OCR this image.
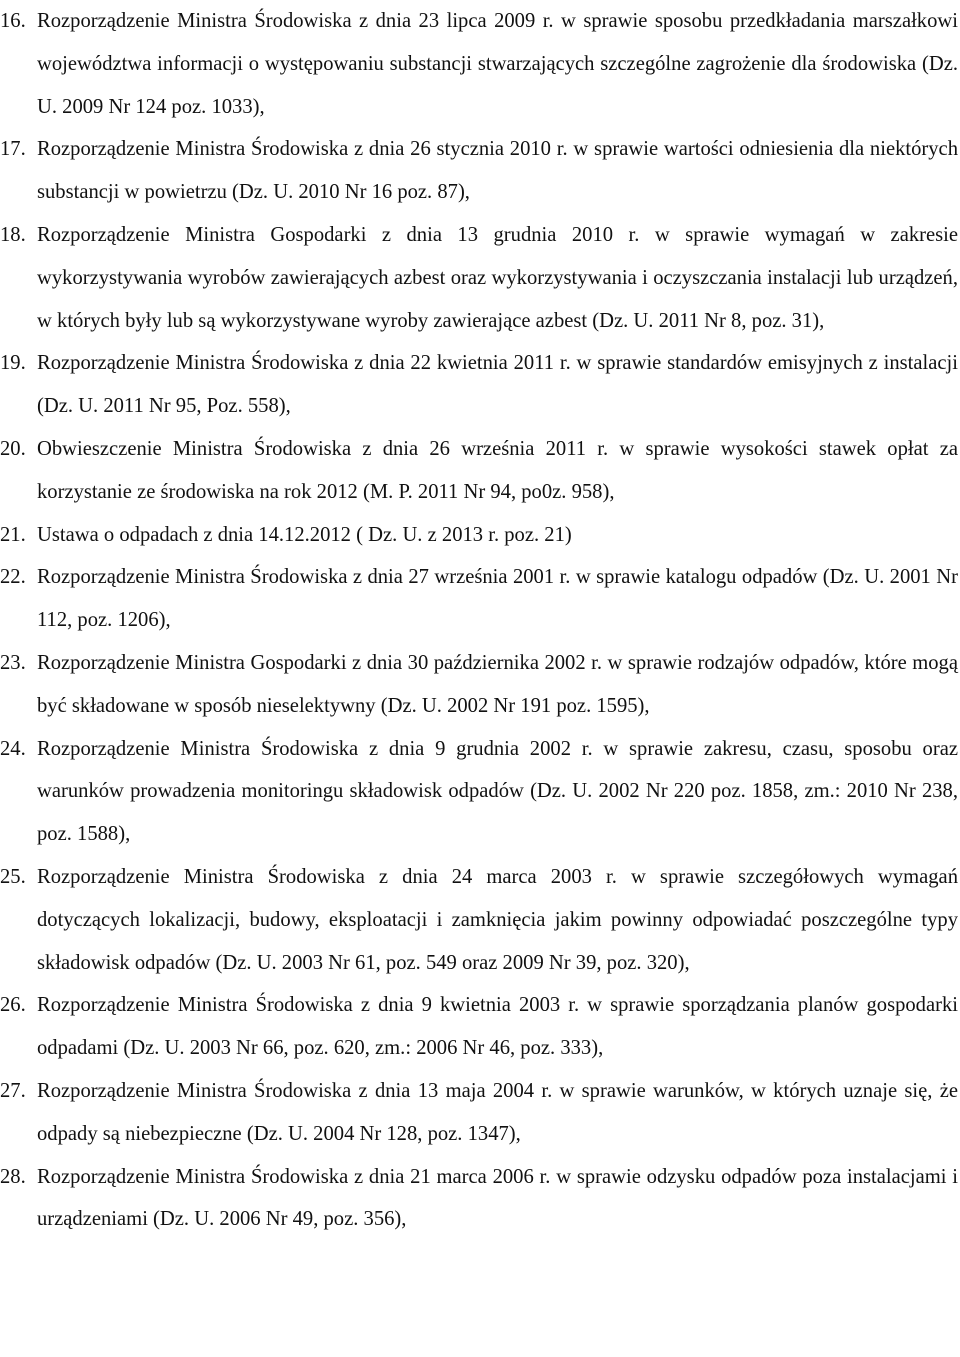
16. Rozporządzenie Ministra Środowiska z dnia 23 lipca 2009 r. w sprawie sposobu przedkładania marszałkowi województwa informacji o występowaniu substancji stwarzających szczególne zagrożenie dla środowiska (Dz. U. 2009 Nr 124 poz. 1033),
17. Rozporządzenie Ministra Środowiska z dnia 26 stycznia 2010 r. w sprawie wartości odniesienia dla niektórych substancji w powietrzu (Dz. U. 2010 Nr 16 poz. 87),
18. Rozporządzenie Ministra Gospodarki z dnia 13 grudnia 2010 r. w sprawie wymagań w zakresie wykorzystywania wyrobów zawierających azbest oraz wykorzystywania i oczyszczania instalacji lub urządzeń, w których były lub są wykorzystywane wyroby zawierające azbest (Dz. U. 2011 Nr 8, poz. 31),
19. Rozporządzenie Ministra Środowiska z dnia 22 kwietnia 2011 r. w sprawie standardów emisyjnych z instalacji (Dz. U. 2011 Nr 95, Poz. 558),
20. Obwieszczenie Ministra Środowiska z dnia 26 września 2011 r. w sprawie wysokości stawek opłat za korzystanie ze środowiska na rok 2012 (M. P. 2011 Nr 94, po0z. 958),
21. Ustawa o odpadach z dnia 14.12.2012 ( Dz. U. z 2013 r. poz. 21)
22. Rozporządzenie Ministra Środowiska z dnia 27 września 2001 r. w sprawie katalogu odpadów (Dz. U. 2001 Nr 112, poz. 1206),
23. Rozporządzenie Ministra Gospodarki z dnia 30 października 2002 r. w sprawie rodzajów odpadów, które mogą być składowane w sposób nieselektywny (Dz. U. 2002 Nr 191 poz. 1595),
24. Rozporządzenie Ministra Środowiska z dnia 9 grudnia 2002 r. w sprawie zakresu, czasu, sposobu oraz warunków prowadzenia monitoringu składowisk odpadów (Dz. U. 2002 Nr 220 poz. 1858, zm.: 2010 Nr 238, poz. 1588),
25. Rozporządzenie Ministra Środowiska z dnia 24 marca 2003 r. w sprawie szczegółowych wymagań dotyczących lokalizacji, budowy, eksploatacji i zamknięcia jakim powinny odpowiadać poszczególne typy składowisk odpadów (Dz. U. 2003 Nr 61, poz. 549 oraz 2009 Nr 39, poz. 320),
26. Rozporządzenie Ministra Środowiska z dnia 9 kwietnia 2003 r. w sprawie sporządzania planów gospodarki odpadami (Dz. U. 2003 Nr 66, poz. 620, zm.: 2006 Nr 46, poz. 333),
27. Rozporządzenie Ministra Środowiska z dnia 13 maja 2004 r. w sprawie warunków, w których uznaje się, że odpady są niebezpieczne (Dz. U. 2004 Nr 128, poz. 1347),
28. Rozporządzenie Ministra Środowiska z dnia 21 marca 2006 r. w sprawie odzysku odpadów poza instalacjami i urządzeniami (Dz. U. 2006 Nr 49, poz. 356),
